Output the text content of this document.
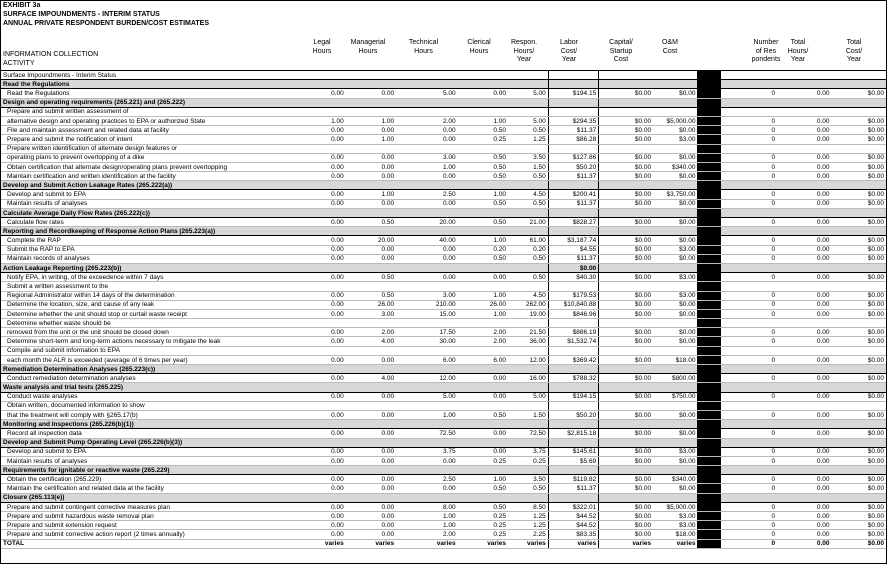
EXHIBIT 3a
SURFACE IMPOUNDMENTS - INTERIM STATUS
ANNUAL PRIVATE RESPONDENT BURDEN/COST ESTIMATES
INFORMATION COLLECTION
ACTIVITY
Legal
Hours
Managerial
Hours
Technical
Hours
Clerical
Hours
Respon.
Hours/
Year
Labor
Cost/
Year
Capital/
Startup
Cost
O&M
Cost
Number
of Res
pondents
Total
Hours/
Year
Total
Cost/
Year
Surface Impoundments - Interim Status												
Read the Regulations												
Read the Regulations	0.00	0.00	5.00	0.00	5.00	$194.15	$0.00	$0.00		0	0.00	$0.00
Design and operating requirements (265.221) and (265.222)												
Prepare and submit written assessment of												
alternative design and operating practices to EPA or authorized State	1.00	1.00	2.00	1.00	5.00	$294.35	$0.00	$5,000.00		0	0.00	$0.00
File and maintain assessment and related data at facility	0.00	0.00	0.00	0.50	0.50	$11.37	$0.00	$0.00		0	0.00	$0.00
Prepare and submit the notification of intent	0.00	1.00	0.00	0.25	1.25	$86.28	$0.00	$3.00		0	0.00	$0.00
Prepare written identification of alternate design features or												
operating plans to prevent overtopping of a dike	0.00	0.00	3.00	0.50	3.50	$127.86	$0.00	$0.00		0	0.00	$0.00
Obtain certification that alternate design/operating plans prevent overtopping	0.00	0.00	1.00	0.50	1.50	$50.20	$0.00	$340.00		0	0.00	$0.00
Maintain certification and written identification at the facility	0.00	0.00	0.00	0.50	0.50	$11.37	$0.00	$0.00		0	0.00	$0.00
Develop and Submit Action Leakage Rates (265.222(a))												
Develop and submit to EPA	0.00	1.00	2.50	1.00	4.50	$200.41	$0.00	$3,750.00		0	0.00	$0.00
Maintain results of analyses	0.00	0.00	0.00	0.50	0.50	$11.37	$0.00	$0.00		0	0.00	$0.00
Calculate Average Daily Flow Rates (265.222(c))												
Calculate flow rates	0.00	0.50	20.00	0.50	21.00	$828.27	$0.00	$0.00		0	0.00	$0.00
Reporting and Recordkeeping of Response Action Plans (265.223(a))												
Complete the RAP	0.00	20.00	40.00	1.00	61.00	$3,187.74	$0.00	$0.00		0	0.00	$0.00
Submit the RAP to EPA	0.00	0.00	0.00	0.20	0.20	$4.55	$0.00	$3.00		0	0.00	$0.00
Maintain records of analyses	0.00	0.00	0.00	0.50	0.50	$11.37	$0.00	$0.00		0	0.00	$0.00
Action Leakage Reporting (265.223(b))						$0.00						
Notify EPA, in writing, of the exceedence within 7 days	0.00	0.50	0.00	0.00	0.50	$40.30	$0.00	$3.00		0	0.00	$0.00
Submit a written assessment to the												
Regional Administrator within 14 days of the determination	0.00	0.50	3.00	1.00	4.50	$179.53	$0.00	$3.00		0	0.00	$0.00
Determine the location, size, and cause of any leak	0.00	26.00	210.00	26.00	262.00	$10,840.88	$0.00	$0.00		0	0.00	$0.00
Determine whether the unit should stop or curtail waste receipt	0.00	3.00	15.00	1.00	19.00	$846.96	$0.00	$0.00		0	0.00	$0.00
Determine whether waste should be												
removed from the unit or the unit should be closed down	0.00	2.00	17.50	2.00	21.50	$886.19	$0.00	$0.00		0	0.00	$0.00
Determine short-term and long-term actions necessary to mitigate the leak	0.00	4.00	30.00	2.00	36.00	$1,532.74	$0.00	$0.00		0	0.00	$0.00
Compile and submit information to EPA												
each month the ALR is exceeded (average of 6 times per year)	0.00	0.00	6.00	6.00	12.00	$369.42	$0.00	$18.00		0	0.00	$0.00
Remediation Determination Analyses (265.223(c))												
Conduct remediation determination analyses	0.00	4.00	12.00	0.00	16.00	$788.32	$0.00	$800.00		0	0.00	$0.00
Waste analysis and trial tests (265.225)												
Conduct waste analyses	0.00	0.00	5.00	0.00	5.00	$194.15	$0.00	$750.00		0	0.00	$0.00
Obtain written, documented information to show												
that the treatment will comply with §265.17(b)	0.00	0.00	1.00	0.50	1.50	$50.20	$0.00	$0.00		0	0.00	$0.00
Monitoring and Inspections (265.226(b)(1))												
Record all inspection data	0.00	0.00	72.50	0.00	72.50	$2,815.18	$0.00	$0.00		0	0.00	$0.00
Develop and Submit Pump Operating Level (265.226(b)(3))												
Develop and submit to EPA	0.00	0.00	3.75	0.00	3.75	$145.61	$0.00	$3.00		0	0.00	$0.00
Maintain results of analyses	0.00	0.00	0.00	0.25	0.25	$5.69	$0.00	$0.00		0	0.00	$0.00
Requirements for ignitable or reactive waste (265.229)												
Obtain the certification (265.229)	0.00	0.00	2.50	1.00	3.50	$119.82	$0.00	$340.00		0	0.00	$0.00
Maintain the certification and related data at the facility	0.00	0.00	0.00	0.50	0.50	$11.37	$0.00	$0.00		0	0.00	$0.00
Closure (265.113(e))												
Prepare and submit contingent corrective measures plan	0.00	0.00	8.00	0.50	8.50	$322.01	$0.00	$5,000.00		0	0.00	$0.00
Prepare and submit hazardous waste removal plan	0.00	0.00	1.00	0.25	1.25	$44.52	$0.00	$3.00		0	0.00	$0.00
Prepare and submit extension request	0.00	0.00	1.00	0.25	1.25	$44.52	$0.00	$3.00		0	0.00	$0.00
Prepare and submit corrective action report (2 times annually)	0.00	0.00	2.00	0.25	2.25	$83.35	$0.00	$18.00		0	0.00	$0.00
TOTAL	varies	varies	varies	varies	varies	varies	varies	varies		0	0.00	$0.00
